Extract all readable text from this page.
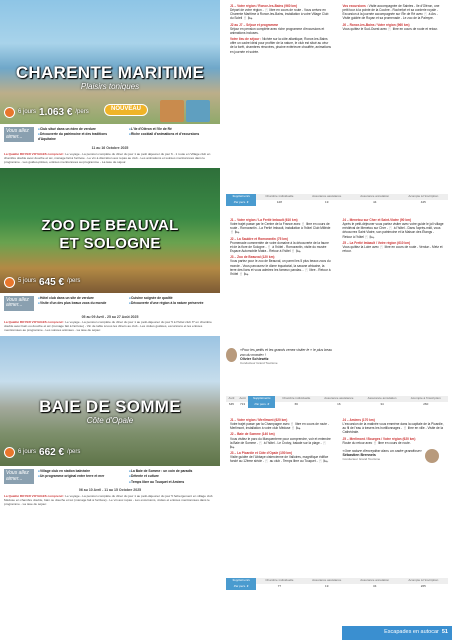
CHARENTE MARITIME
Plaisirs toniques
6 jours 1.063 € /pers	NOUVEAU
Vous allez aimer...
● Club situé dans un éden de verdure
● Découverte du patrimoine et des traditions d'Aquitaine
● L'île d'Oléron et l'île de Ré
● Riche cocktail d'animations et d'excursions
11 au 16 Octobre 2025
La Qualité ROYER VOYAGES comprend : Le voyage - La pension complète du dîner du jour 1 au petit déjeuner du jour 6 - 1 route en Village club en chambre double avec douche et wc, ménage fait à l'arrivée - Le vin à discrétion aux repas au club - Les animations et soirées mentionnées dans le programme - Les guides-pilotes, entrées mentionnées au programme - La taxe de séjour.
ZOO DE BEAUVAL
ET SOLOGNE
5 jours 645 € /pers
Vous allez aimer...
● Hôtel club dans un site de verdure
● Visite d'un des plus beaux zoos du monde
● Cuisine soignée de qualité
● Découverte d'une région à la nature préservée
05 au 09 Avril - 25 au 27 Août 2025
La Qualité ROYER VOYAGES comprend : Le voyage - La pension complète du dîner du jour 1 au petit-déjeuner du jour 5 à l'hôtel club 3* en chambre double avec bain ou douche et wc (ménage fait à l'arrivée) - Vin de table à tous les dîners au club - Les visites guidées, excursions et les entrées mentionnées au programme - Les soirées animées - La taxe de séjour.
BAIE DE SOMME
Côte d'Opale
6 jours 662 € /pers
Vous allez aimer...
● Village club en station balnéaire
● Un programme original entre terre et mer
● La Baie de Somme : un coin de paradis
● Détente et culture
● Temps libre au Touquet et Amiens
06 au 10 Avril - 11 au 15 Octobre 2025
La Qualité ROYER VOYAGES comprend : Le voyage - La pension complète du dîner du jour 1 au petit-déjeuner du jour 5 hébergement en village club Méduse en chambre double, bain ou douche et wc (ménage fait à l'arrivée) - Le vin aux repas - Les excursions, visites et entrées mentionnées dans le programme - La taxe de séjour.

J1 – Votre région / Ronce-les-Bains (960 km)
Départ de votre région - 🍴 libre en cours de route - Vous arrivez en Charente Maritime à Ronce-les-Bains, installation à votre Village Club du Soleil 🍴 🛏.

J2 au J7 – Séjour et programme
Séjour en pension complète avec riche programme d'excursions et animations incluses.

Votre lieu de séjour : Nichée sur la côte atlantique, Ronce-les-Bains offre un cadre idéal pour profiter de la nature, le club est situé au céur de la forêt, chambres rénovées, piscine extérieure chauffée, animations en journée et soirée.

Vos excursions : Visite accompagnée de Saintes - Ile d'Oléron, une petit tour à la pointe de la Coubre - Rochefort et sa corderie royale - Excursion à la journée accompagnée sur l'Île de Ré avec 🍴 à Ars - Visite guidée de Royan et sa promenade - Le zoo de la Palmyre.

J6 – Ronce-les-Bains / Votre région (960 km)
Vous quittez le Sud-Ouest avec 🍴 libre en cours de route et retour.

Suppléments	Chambre individuelle	Assurance assistance	Assurance annulation	Acompte à l'inscription
Par pers. €	128	19	44	425

J1 – Votre région / La Fertié Imbault (610 km)
Votre trajet passe par le Centre de la France avec 🍴 libre en cours de route - Romorantin - La Fertié Imbault, installation à l'hôtel Club Milléde 🍴 🛏.

J2 – La Sauldre et Romorantin (75 km)
Promenade commentée de votre domaine à la découverte de la faune et de la flore de Sologne - 🍴 à l'hôtel - Romorantin, visite du musée Espace Automobile Matra - Retour à l'hôtel 🍴 🛏.

J3 – Zoo de Beauval (120 km)
Vous partez pour le zoo de Beauval, un parmi les 5 plus beaux zoos du monde - Vous parcourez le dôme équatorial, la savane africaine, la terre des lions et vous admirez les fameux pandas... 🍴 libre - Retour à l'hôtel 🍴 🛏.

J4 – Menetou sur Cher et Saint-Viatre (90 km)
Après le petit-déjeuner vous partez visiter avec votre guide le joli village médiéval de Menetou sur Cher - 🍴 à l'hôtel - Dans l'après-midi, vous découvrez Saint Viatre, son patrimoine et la Maison des Étangs - Retour à l'hôtel 🍴 🛏.

J5 – La Fertié Imbault / Votre région (610 km)
Vous quittez la Loire avec 🍴 libre en cours de route - Verdun - Metz et retour.

«Pour les petits et les grands venez visiter le « le plus beau zoo du monde» !
Olivier Schlewitz
Conducteur Grand Tourisme
Avril	Août	Suppléments	Chambre individuelle	Assurance assistance	Assurance annulation	Acompte à l'inscription
645	713	Par pers. €	66	16	34	260

J1 – Votre région / Merlimont (620 km)
Votre trajet passe par la Champagne avec 🍴 libre en cours de route - Merlimont, installation à votre club Méduse 🍴 🛏.

J2 – Baie de Somme (140 km)
Vous visitez le parc du Marquenterre pour comprendre, voir et entendre la Baie de Somme - 🍴 à l'hôtel - Le Crotoy, balade sur la plage - 🍴 🛏.

J3 – La Picardie et Côte d'Opale (150 km)
Visite guidée de l'Abbaye cistercienne de Valloires, magnifique édifice fondé au 12ème siècle - 🍴 au club - Temps libre au Touquet - 🍴 🛏.

J4 – Amiens (170 km)
L'excursion de la matinée vous emmène dans la capitale de la Picardie, au fil de l'eau à travers les hortillonnages - 🍴 libre en ville - Visite de la Cathédrale.

J5 – Merlimont / Bourges / Votre région (620 km)
Route du retour avec 🍴 libre en cours de route.

«Une nature d'exception dans un cadre grandiose»
Sébastien Brenneis
Conducteur Grand Tourisme
Suppléments	Chambre individuelle	Assurance assistance	Assurance annulation	Acompte à l'inscription
Par pers. €	77	19	34	265
Escapades en autocar 51
